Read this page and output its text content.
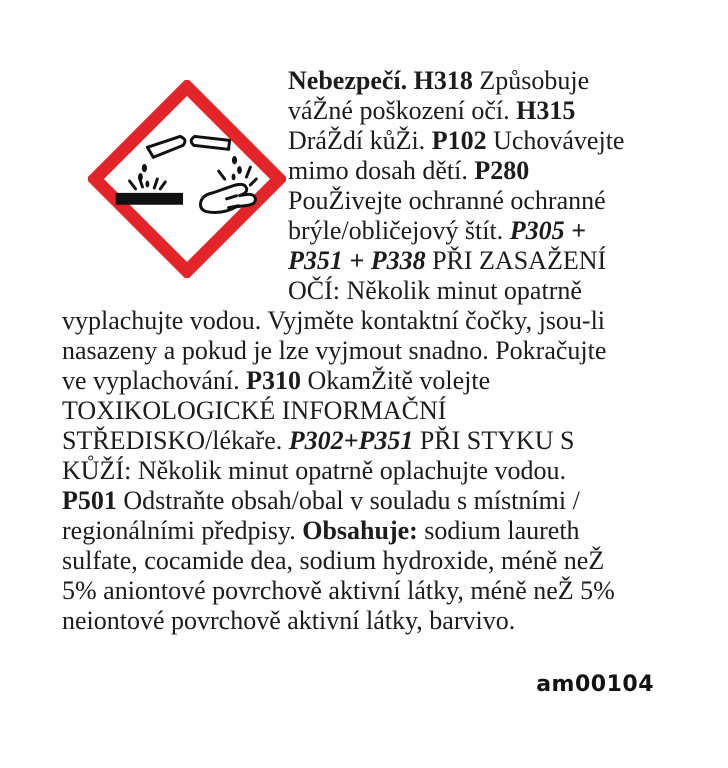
Nebezpečí. H318 Způsobuje
váŽné poškození očí. H315
DráŽdí kůŽi. P102 Uchovávejte
mimo dosah dětí. P280
PouŽivejte ochranné ochranné
brýle/obličejový štít. P305 +
P351 + P338 PŘI ZASAŽENÍ
OČÍ: Několik minut opatrně
vyplachujte vodou. Vyjměte kontaktní čočky, jsou-li
nasazeny a pokud je lze vyjmout snadno. Pokračujte
ve vyplachování. P310 OkamŽitě volejte
TOXIKOLOGICKÉ INFORMAČNÍ
STŘEDISKO/lékaře. P302+P351 PŘI STYKU S
KŮŽÍ: Několik minut opatrně oplachujte vodou.
P501 Odstraňte obsah/obal v souladu s místními /
regionálními předpisy. Obsahuje: sodium laureth
sulfate, cocamide dea, sodium hydroxide, méně neŽ
5% aniontové povrchově aktivní látky, méně neŽ 5%
neiontové povrchově aktivní látky, barvivo.
am00104
